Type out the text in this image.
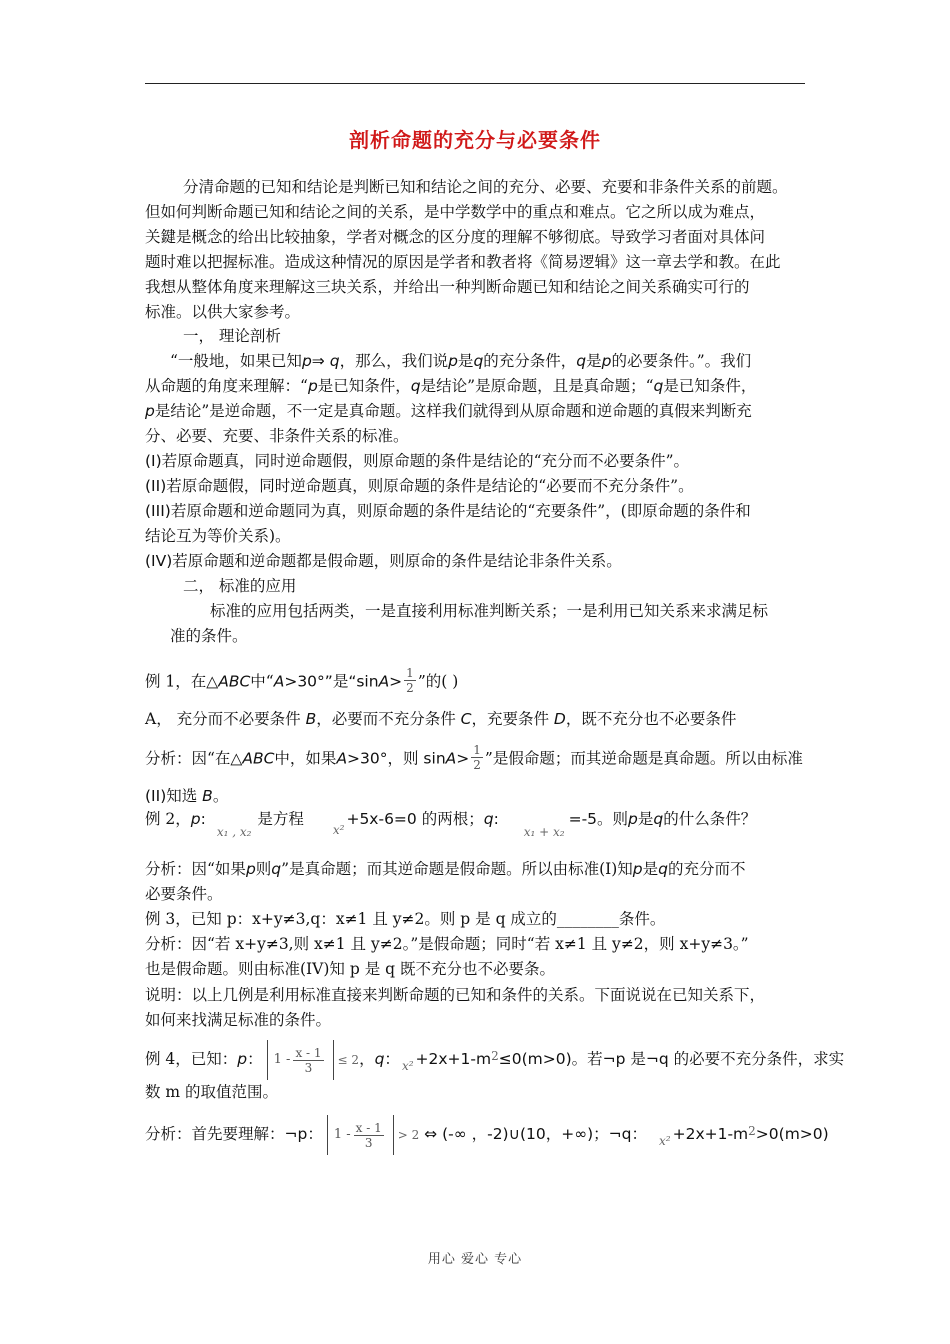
剖析命题的充分与必要条件
分清命题的已知和结论是判断已知和结论之间的充分、必要、充要和非条件关系的前题。
但如何判断命题已知和结论之间的关系，是中学数学中的重点和难点。它之所以成为难点，
关鍵是概念的给出比较抽象，学者对概念的区分度的理解不够彻底。导致学习者面对具体问
题时难以把握标准。造成这种情况的原因是学者和教者将《简易逻辑》这一章去学和教。在此
我想从整体角度来理解这三块关系，并给出一种判断命题已知和结论之间关系确实可行的
标准。以供大家参考。
一， 理论剖析
“一般地，如果已知p⇒ q，那么，我们说p是q的充分条件，q是p的必要条件。”。我们
从命题的角度来理解：“p是已知条件，q是结论”是原命题，且是真命题；“q是已知条件，
p是结论”是逆命题，不一定是真命题。这样我们就得到从原命题和逆命题的真假来判断充
分、必要、充要、非条件关系的标准。
(I)若原命题真，同时逆命题假，则原命题的条件是结论的“充分而不必要条件”。
(II)若原命题假，同时逆命题真，则原命题的条件是结论的“必要而不充分条件”。
(III)若原命题和逆命题同为真，则原命题的条件是结论的“充要条件”，(即原命题的条件和
结论互为等价关系)。
(IV)若原命题和逆命题都是假命题，则原命的条件是结论非条件关系。
二， 标准的应用
标准的应用包括两类，一是直接利用标准判断关系；一是利用已知关系来求满足标
准的条件。
例 1，在△ABC中“A>30°”是“$\sin A> \frac{1}{2}$ ”的( )
A， 充分而不必要条件 B，必要而不充分条件 C，充要条件 D，既不充分也不必要条件
分析：因“在△ABC中，如果A>30°，则 $\sin A> \frac{1}{2}$ ”是假命题；而其逆命题是真命题。所以由标准
(II)知选 B。
例 2，p: $_{x_1 , x_2}$是方程 $_{x^2}$+5x-6=0 的两根；q: $_{x_1 + x_2}$=-5。则p是q的什么条件？
分析：因“如果p则q”是真命题；而其逆命题是假命题。所以由标准(I)知p是q的充分而不
必要条件。
例 3，已知 p：x+y≠3,q：x≠1 且 y≠2。则 p 是 q 成立的________条件。
分析：因“若 x+y≠3,则 x≠1 且 y≠2。”是假命题；同时“若 x≠1 且 y≠2，则 x+y≠3。”
也是假命题。则由标准(IV)知 p 是 q 既不充分也不必要条。
说明：以上几例是利用标准直接来判断命题的已知和条件的关系。下面说说在已知关系下，
如何来找满足标准的条件。
例 4，已知：p： $1 - \frac{x - 1}{3} \le 2$，q： $_{x^2} +2x+1-m^2\le 0(m>0)$。若¬p 是¬q 的必要不充分条件，求实
数 m 的取值范围。
分析：首先要理解：¬p： $1 - \frac{x - 1}{3} > 2$ ⇔ (-∞ ，-2)∪(10，+∞)；¬q： $_{x^2} +2x+1-m^2>0(m>0)$
用心 爱心 专心
